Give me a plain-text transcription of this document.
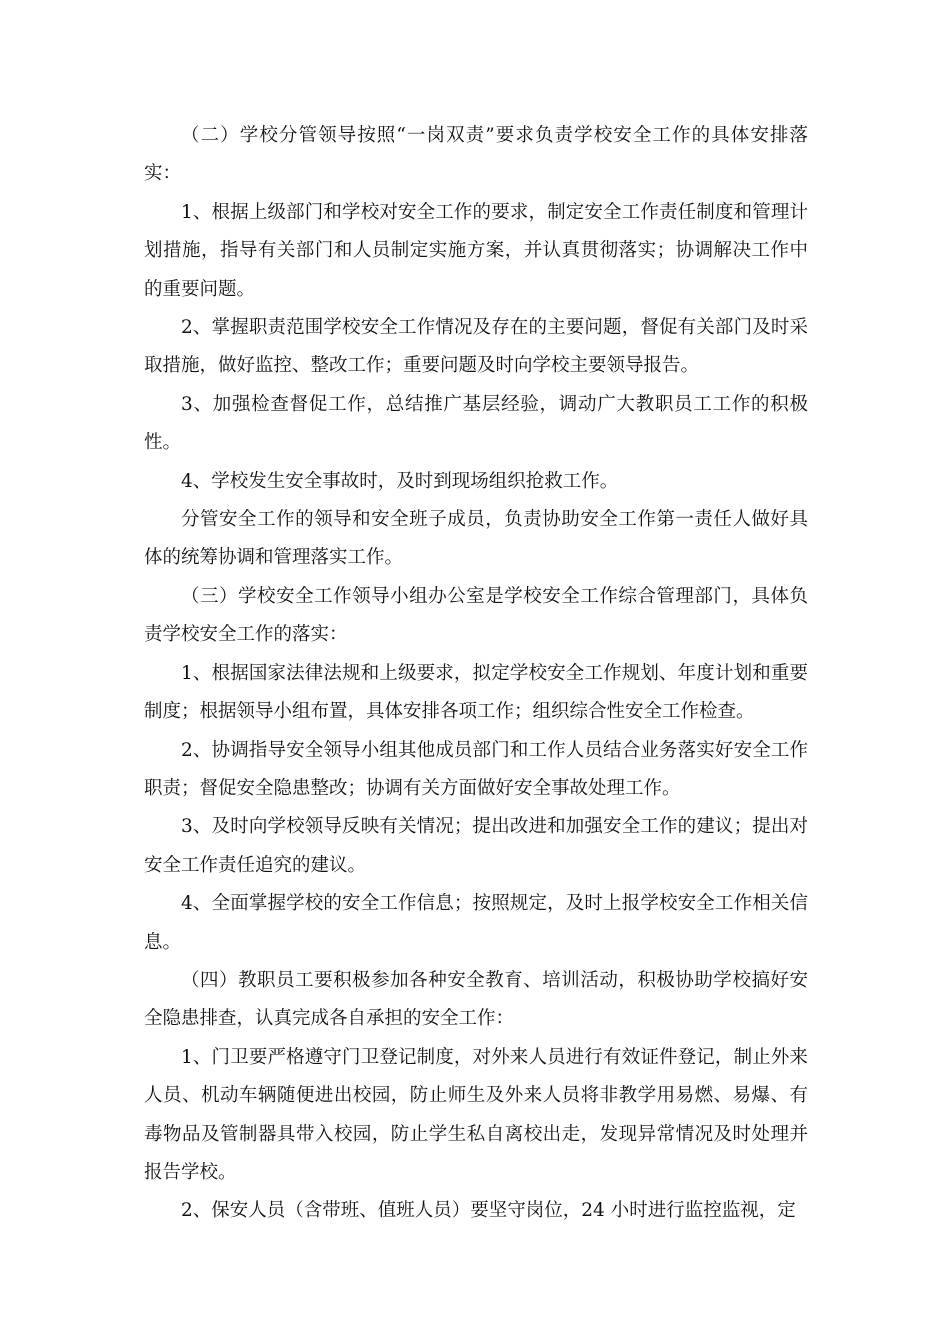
（二）学校分管领导按照“一岗双责”要求负责学校安全工作的具体安排落实：

1、根据上级部门和学校对安全工作的要求，制定安全工作责任制度和管理计划措施，指导有关部门和人员制定实施方案，并认真贯彻落实；协调解决工作中的重要问题。

2、掌握职责范围学校安全工作情况及存在的主要问题，督促有关部门及时采取措施，做好监控、整改工作；重要问题及时向学校主要领导报告。

3、加强检查督促工作，总结推广基层经验，调动广大教职员工工作的积极性。

4、学校发生安全事故时，及时到现场组织抢救工作。

分管安全工作的领导和安全班子成员，负责协助安全工作第一责任人做好具体的统筹协调和管理落实工作。

（三）学校安全工作领导小组办公室是学校安全工作综合管理部门，具体负责学校安全工作的落实：

1、根据国家法律法规和上级要求，拟定学校安全工作规划、年度计划和重要制度；根据领导小组布置，具体安排各项工作；组织综合性安全工作检查。

2、协调指导安全领导小组其他成员部门和工作人员结合业务落实好安全工作职责；督促安全隐患整改；协调有关方面做好安全事故处理工作。

3、及时向学校领导反映有关情况；提出改进和加强安全工作的建议；提出对安全工作责任追究的建议。

4、全面掌握学校的安全工作信息；按照规定，及时上报学校安全工作相关信息。

（四）教职员工要积极参加各种安全教育、培训活动，积极协助学校搞好安全隐患排查，认真完成各自承担的安全工作：

1、门卫要严格遵守门卫登记制度，对外来人员进行有效证件登记，制止外来人员、机动车辆随便进出校园，防止师生及外来人员将非教学用易燃、易爆、有毒物品及管制器具带入校园，防止学生私自离校出走，发现异常情况及时处理并报告学校。

2、保安人员（含带班、值班人员）要坚守岗位，24 小时进行监控监视，定
